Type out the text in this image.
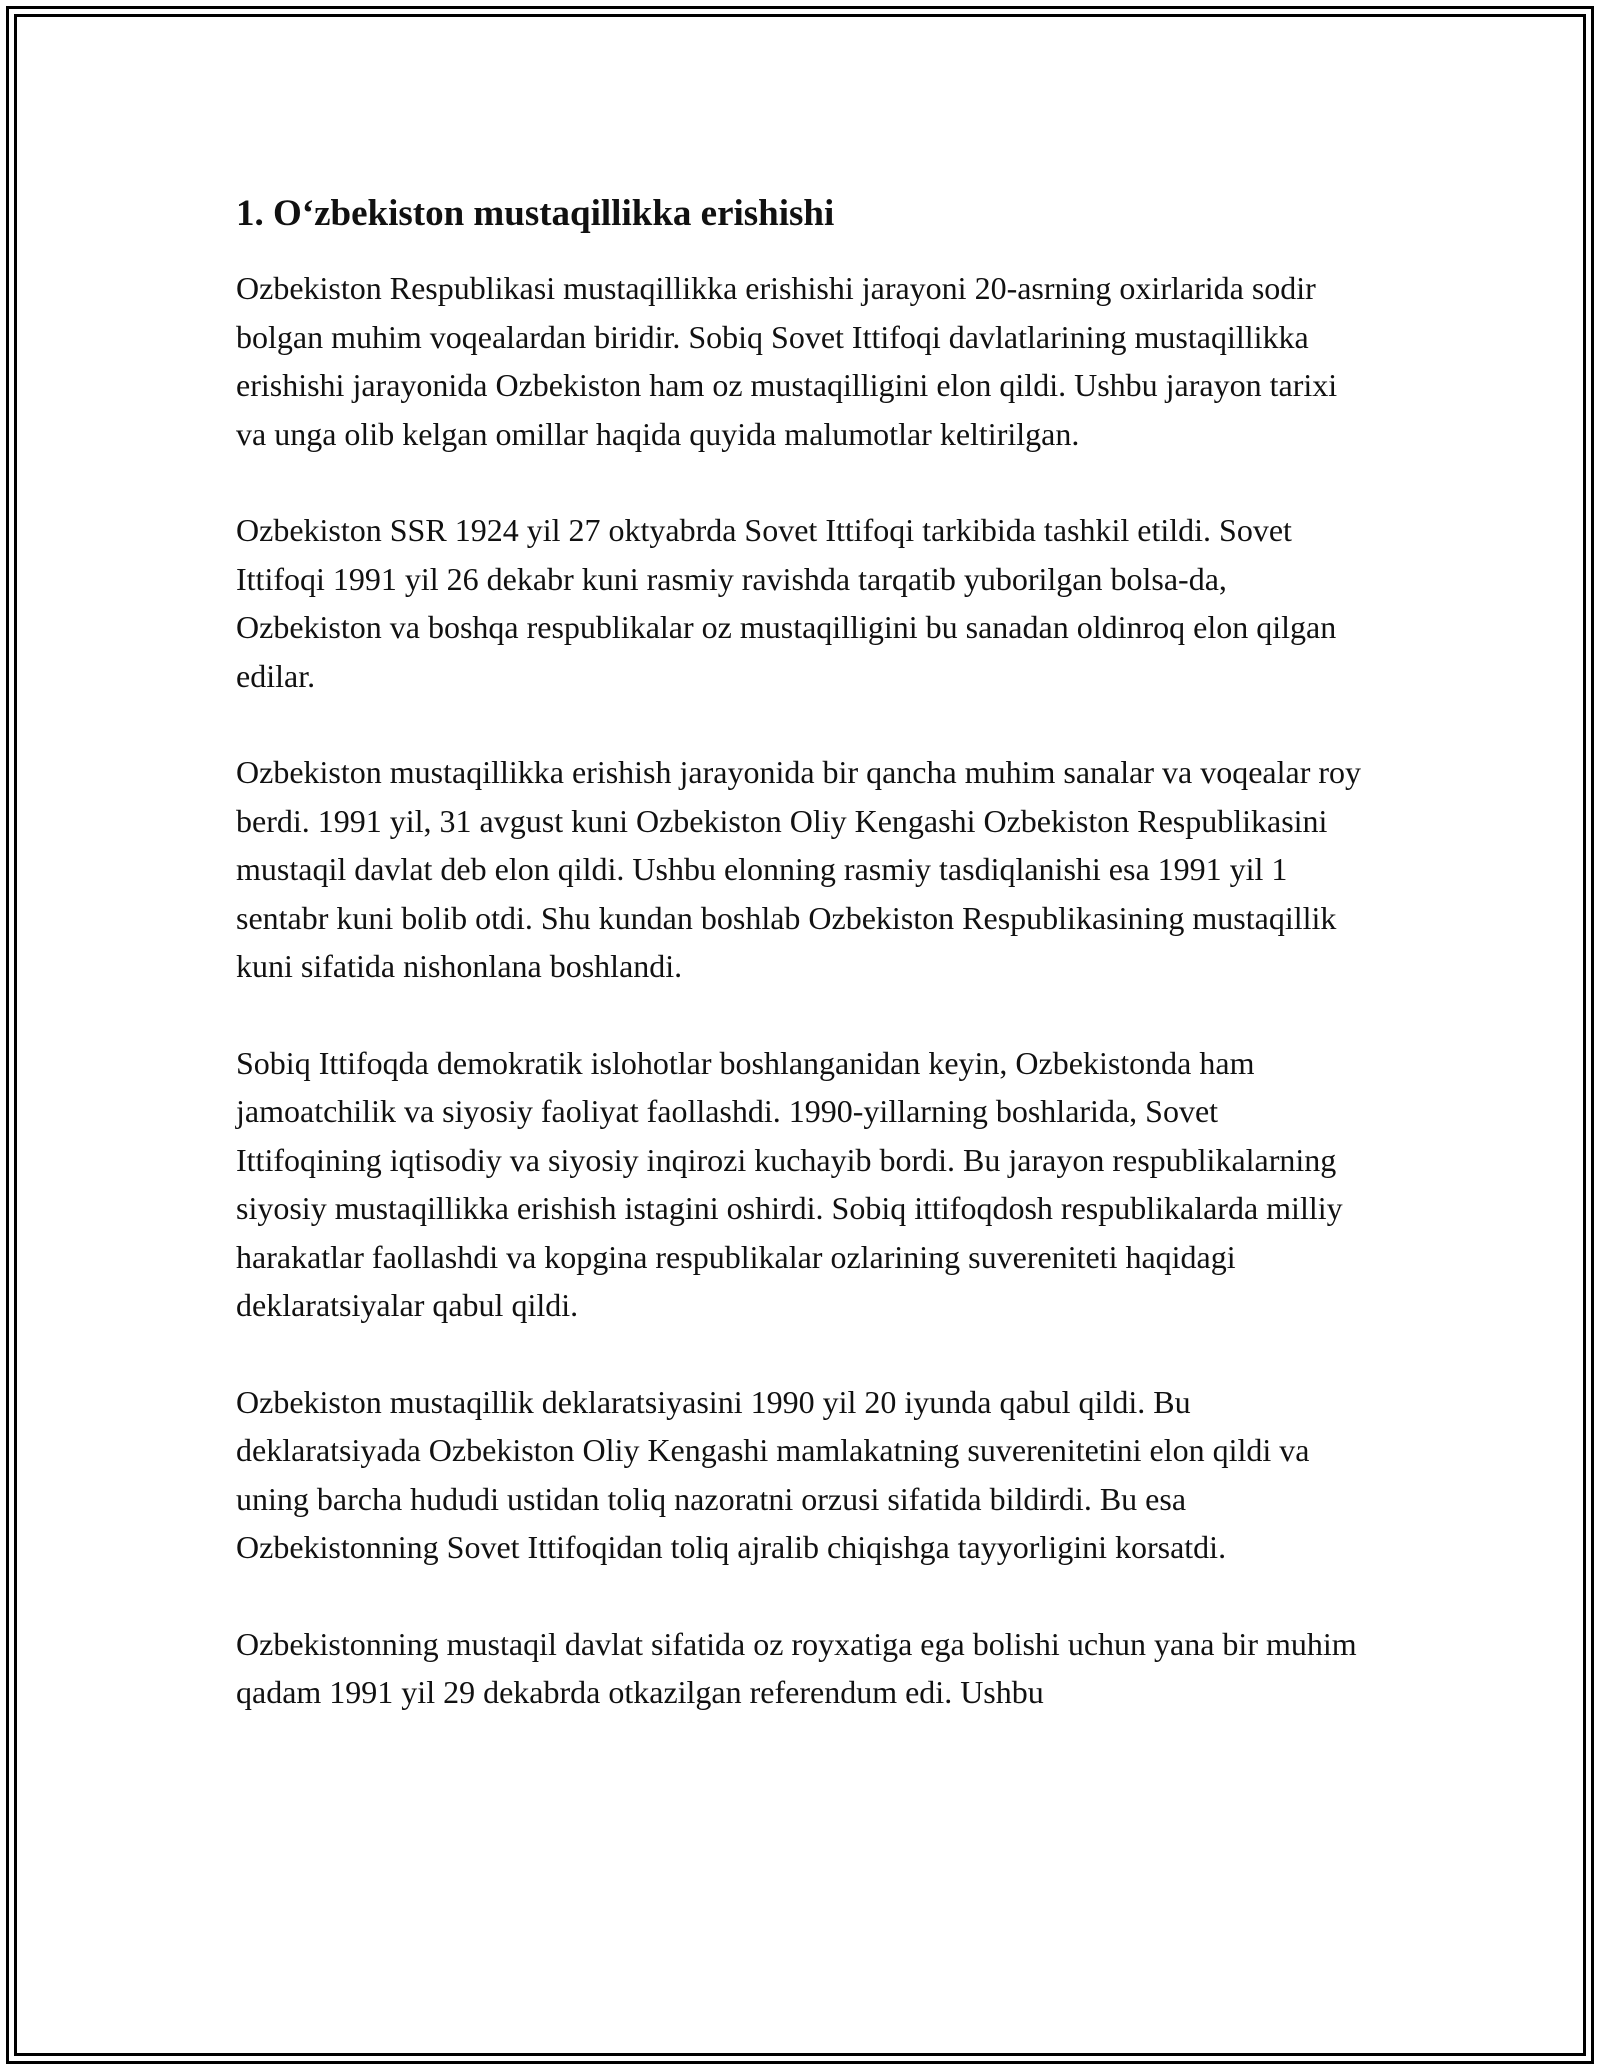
1. O‘zbekiston mustaqillikka erishishi

Ozbekiston Respublikasi mustaqillikka erishishi jarayoni 20-asrning oxirlarida sodir bolgan muhim voqealardan biridir. Sobiq Sovet Ittifoqi davlatlarining mustaqillikka erishishi jarayonida Ozbekiston ham oz mustaqilligini elon qildi. Ushbu jarayon tarixi va unga olib kelgan omillar haqida quyida malumotlar keltirilgan.

Ozbekiston SSR 1924 yil 27 oktyabrda Sovet Ittifoqi tarkibida tashkil etildi. Sovet Ittifoqi 1991 yil 26 dekabr kuni rasmiy ravishda tarqatib yuborilgan bolsa-da, Ozbekiston va boshqa respublikalar oz mustaqilligini bu sanadan oldinroq elon qilgan edilar.

Ozbekiston mustaqillikka erishish jarayonida bir qancha muhim sanalar va voqealar roy berdi. 1991 yil, 31 avgust kuni Ozbekiston Oliy Kengashi Ozbekiston Respublikasini mustaqil davlat deb elon qildi. Ushbu elonning rasmiy tasdiqlanishi esa 1991 yil 1 sentabr kuni bolib otdi. Shu kundan boshlab Ozbekiston Respublikasining mustaqillik kuni sifatida nishonlana boshlandi.

Sobiq Ittifoqda demokratik islohotlar boshlanganidan keyin, Ozbekistonda ham jamoatchilik va siyosiy faoliyat faollashdi. 1990-yillarning boshlarida, Sovet Ittifoqining iqtisodiy va siyosiy inqirozi kuchayib bordi. Bu jarayon respublikalarning siyosiy mustaqillikka erishish istagini oshirdi. Sobiq ittifoqdosh respublikalarda milliy harakatlar faollashdi va kopgina respublikalar ozlarining suvereniteti haqidagi deklaratsiyalar qabul qildi.

Ozbekiston mustaqillik deklaratsiyasini 1990 yil 20 iyunda qabul qildi. Bu deklaratsiyada Ozbekiston Oliy Kengashi mamlakatning suverenitetini elon qildi va uning barcha hududi ustidan toliq nazoratni orzusi sifatida bildirdi. Bu esa Ozbekistonning Sovet Ittifoqidan toliq ajralib chiqishga tayyorligini korsatdi.

Ozbekistonning mustaqil davlat sifatida oz royxatiga ega bolishi uchun yana bir muhim qadam 1991 yil 29 dekabrda otkazilgan referendum edi. Ushbu
